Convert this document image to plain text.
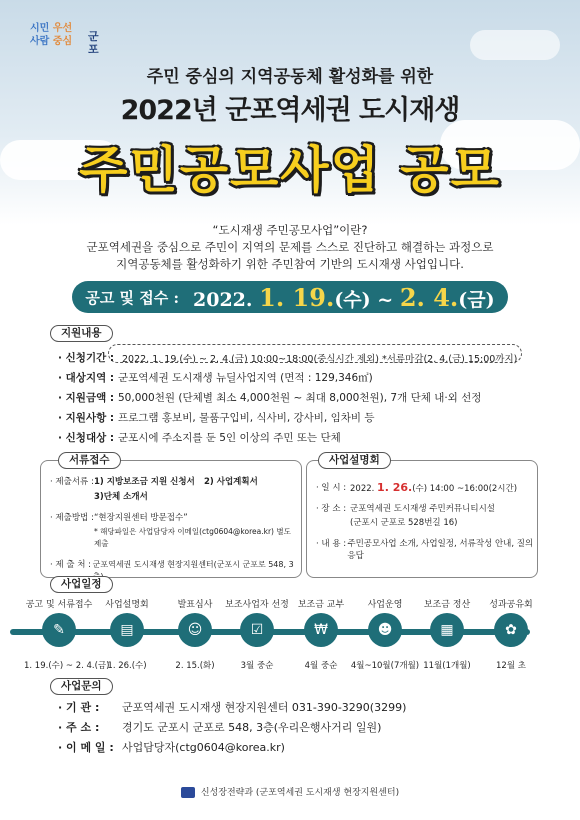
시민 우선
사람 중심 군포
주민 중심의 지역공동체 활성화를 위한
2022년 군포역세권 도시재생
주민공모사업 공모
“도시재생 주민공모사업”이란?
군포역세권을 중심으로 주민이 지역의 문제를 스스로 진단하고 해결하는 과정으로
지역공동체를 활성화하기 위한 주민참여 기반의 도시재생 사업입니다.
공고 및 접수 : 2022. 1. 19.(수) ~ 2. 4.(금)
지원내용
· 신청기간 : 2022. 1. 19.(수) ~ 2. 4.(금) 10:00~18:00(중식시간 제외) *서류마감(2. 4.(금) 15:00까지)
· 대상지역 : 군포역세권 도시재생 뉴딜사업지역 (면적 : 129,346㎡)
· 지원금액 : 50,000천원 (단체별 최소 4,000천원 ~ 최대 8,000천원), 7개 단체 내·외 선정
· 지원사항 : 프로그램 홍보비, 물품구입비, 식사비, 강사비, 임차비 등
· 신청대상 : 군포시에 주소지를 둔 5인 이상의 주민 또는 단체
서류접수
· 제출서류 : 1) 지방보조금 지원 신청서	2) 사업계획서
3)단체 소개서
· 제출방법 : “현장지원센터 방문접수”
* 해당파일은 사업담당자 이메일(ctg0604@korea.kr) 별도 제출
· 제 출 처 : 군포역세권 도시재생 현장지원센터(군포시 군포로 548, 3
사업설명회
· 일 시 : 2022. 1. 26.(수) 14:00 ~16:00(2시간)
· 장 소 : 군포역세권 도시재생 주민커뮤니티시설
(군포시 군포로 528번길 16)
· 내 용 : 주민공모사업 소개, 사업일정, 서류작성 안내, 질의응답
사업일정
공고 및 서류접수
✎
1. 19.(수) ~ 2. 4.(금)
사업설명회
▤
1. 26.(수)
발표심사
☺
2. 15.(화)
보조사업자 선정
☑
3월 중순
보조금 교부
₩
4월 중순
사업운영
☻
4월~10월(7개월)
보조금 정산
▦
11월(1개월)
성과공유회
✿
12월 초
사업문의
· 기 관 :	군포역세권 도시재생 현장지원센터 031-390-3290(3299)
· 주 소 :	경기도 군포시 군포로 548, 3층(우리은행사거리 일원)
· 이 메 일 : 사업담당자(ctg0604@korea.kr)
신성장전략과 (군포역세권 도시재생 현장지원센터)
